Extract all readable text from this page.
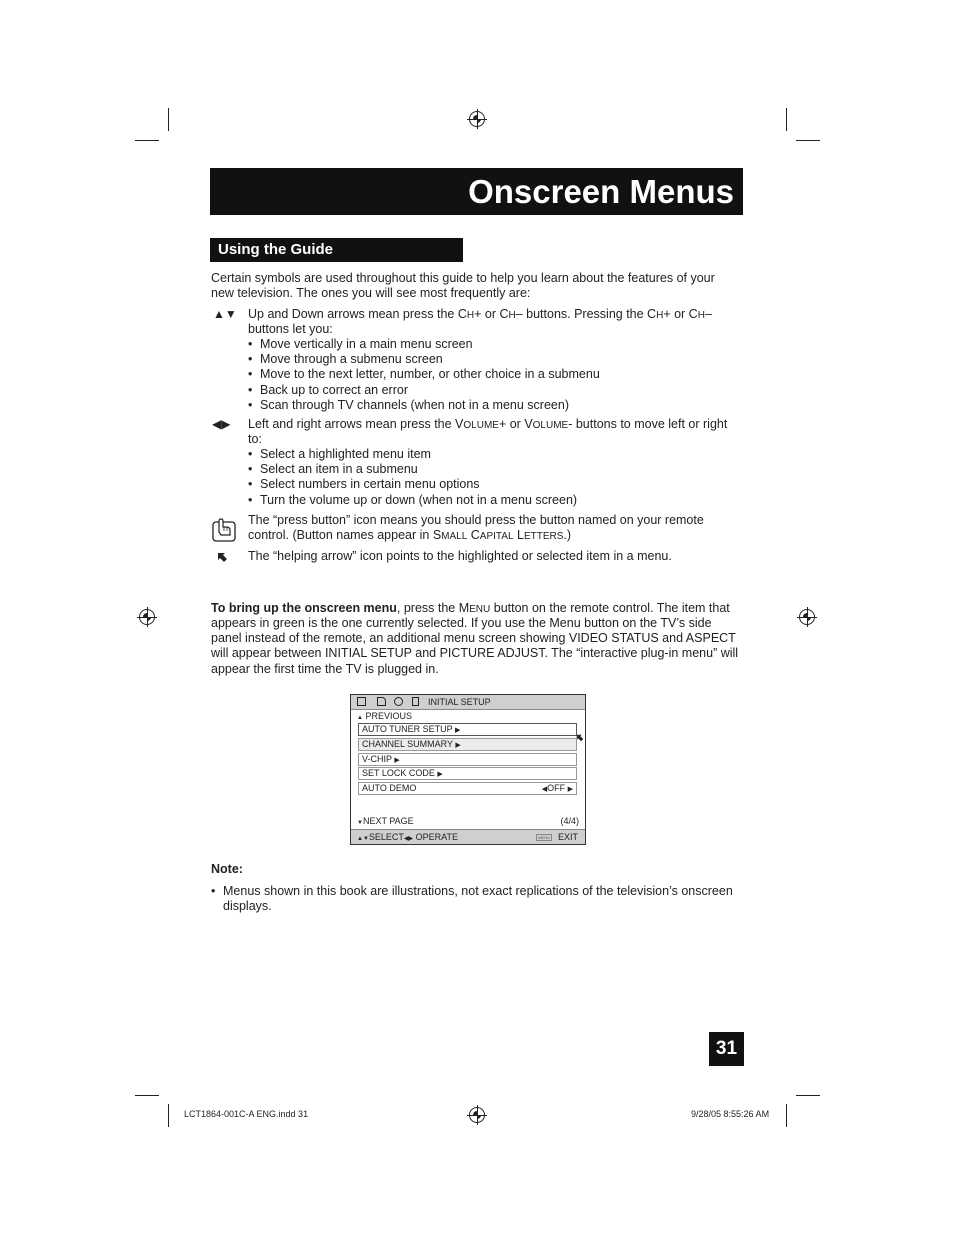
Onscreen Menus
Using the Guide
Certain symbols are used throughout this guide to help you learn about the features of your new television. The ones you will see most frequently are:
▲▼ Up and Down arrows mean press the CH+ or CH– buttons. Pressing the CH+ or CH–
buttons let you:
• Move vertically in a main menu screen
• Move through a submenu screen
• Move to the next letter, number, or other choice in a submenu
• Back up to correct an error
• Scan through TV channels (when not in a menu screen)
◀▶ Left and right arrows mean press the VOLUME+ or VOLUME- buttons to move left or right
to:
• Select a highlighted menu item
• Select an item in a submenu
• Select numbers in certain menu options
• Turn the volume up or down (when not in a menu screen)
The “press button” icon means you should press the button named on your remote
control. (Button names appear in SMALL CAPITAL LETTERS.)
The “helping arrow” icon points to the highlighted or selected item in a menu.
To bring up the onscreen menu, press the MENU button on the remote control. The item that
appears in green is the one currently selected. If you use the Menu button on the TV’s side
panel instead of the remote, an additional menu screen showing VIDEO STATUS and ASPECT
will appear between INITIAL SETUP and PICTURE ADJUST. The “interactive plug-in menu” will
appear the first time the TV is plugged in.
INITIAL SETUP
▲ PREVIOUS
AUTO TUNER SETUP ▶
CHANNEL SUMMARY ▶
V-CHIP ▶
SET LOCK CODE ▶
AUTO DEMO	◀OFF ▶
▼NEXT PAGE	(4/4)
▲▼SELECT◀▶ OPERATE	MENU EXIT
Note:
• Menus shown in this book are illustrations, not exact replications of the television’s onscreen
displays.
31
LCT1864-001C-A ENG.indd 31	9/28/05 8:55:26 AM
